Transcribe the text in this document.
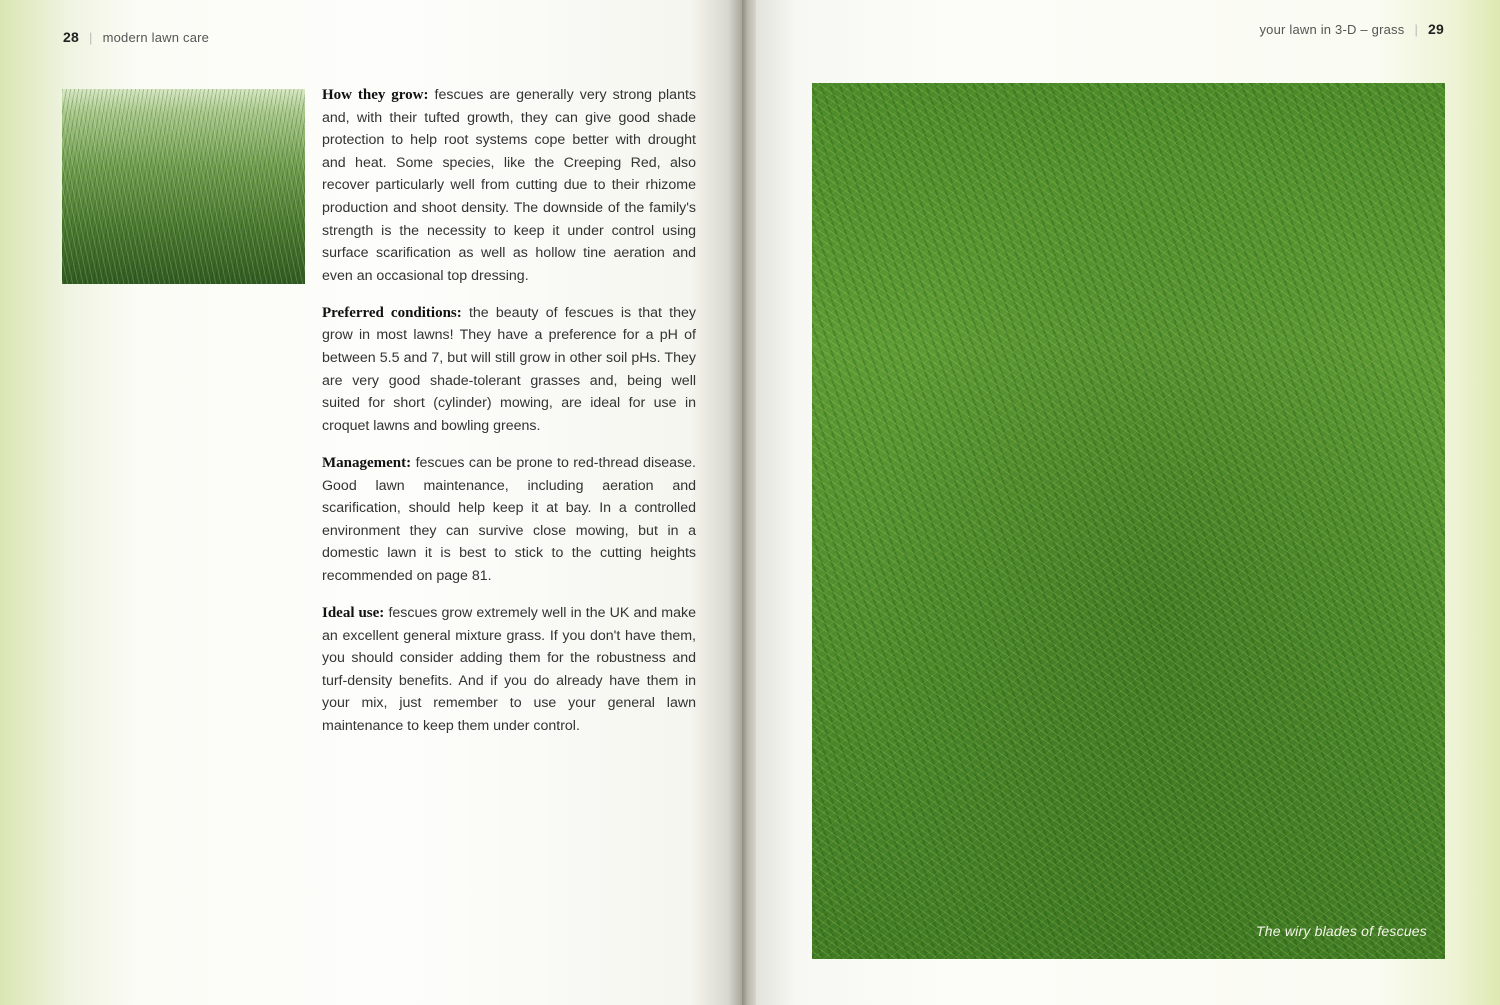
28 | modern lawn care

How they grow: fescues are generally very strong plants and, with their tufted growth, they can give good shade protection to help root systems cope better with drought and heat. Some species, like the Creeping Red, also recover particularly well from cutting due to their rhizome production and shoot density. The downside of the family's strength is the necessity to keep it under control using surface scarification as well as hollow tine aeration and even an occasional top dressing.

Preferred conditions: the beauty of fescues is that they grow in most lawns! They have a preference for a pH of between 5.5 and 7, but will still grow in other soil pHs. They are very good shade-tolerant grasses and, being well suited for short (cylinder) mowing, are ideal for use in croquet lawns and bowling greens.

Management: fescues can be prone to red-thread disease. Good lawn maintenance, including aeration and scarification, should help keep it at bay. In a controlled environment they can survive close mowing, but in a domestic lawn it is best to stick to the cutting heights recommended on page 81.

Ideal use: fescues grow extremely well in the UK and make an excellent general mixture grass. If you don't have them, you should consider adding them for the robustness and turf-density benefits. And if you do already have them in your mix, just remember to use your general lawn maintenance to keep them under control.

your lawn in 3-D – grass | 29
The wiry blades of fescues
